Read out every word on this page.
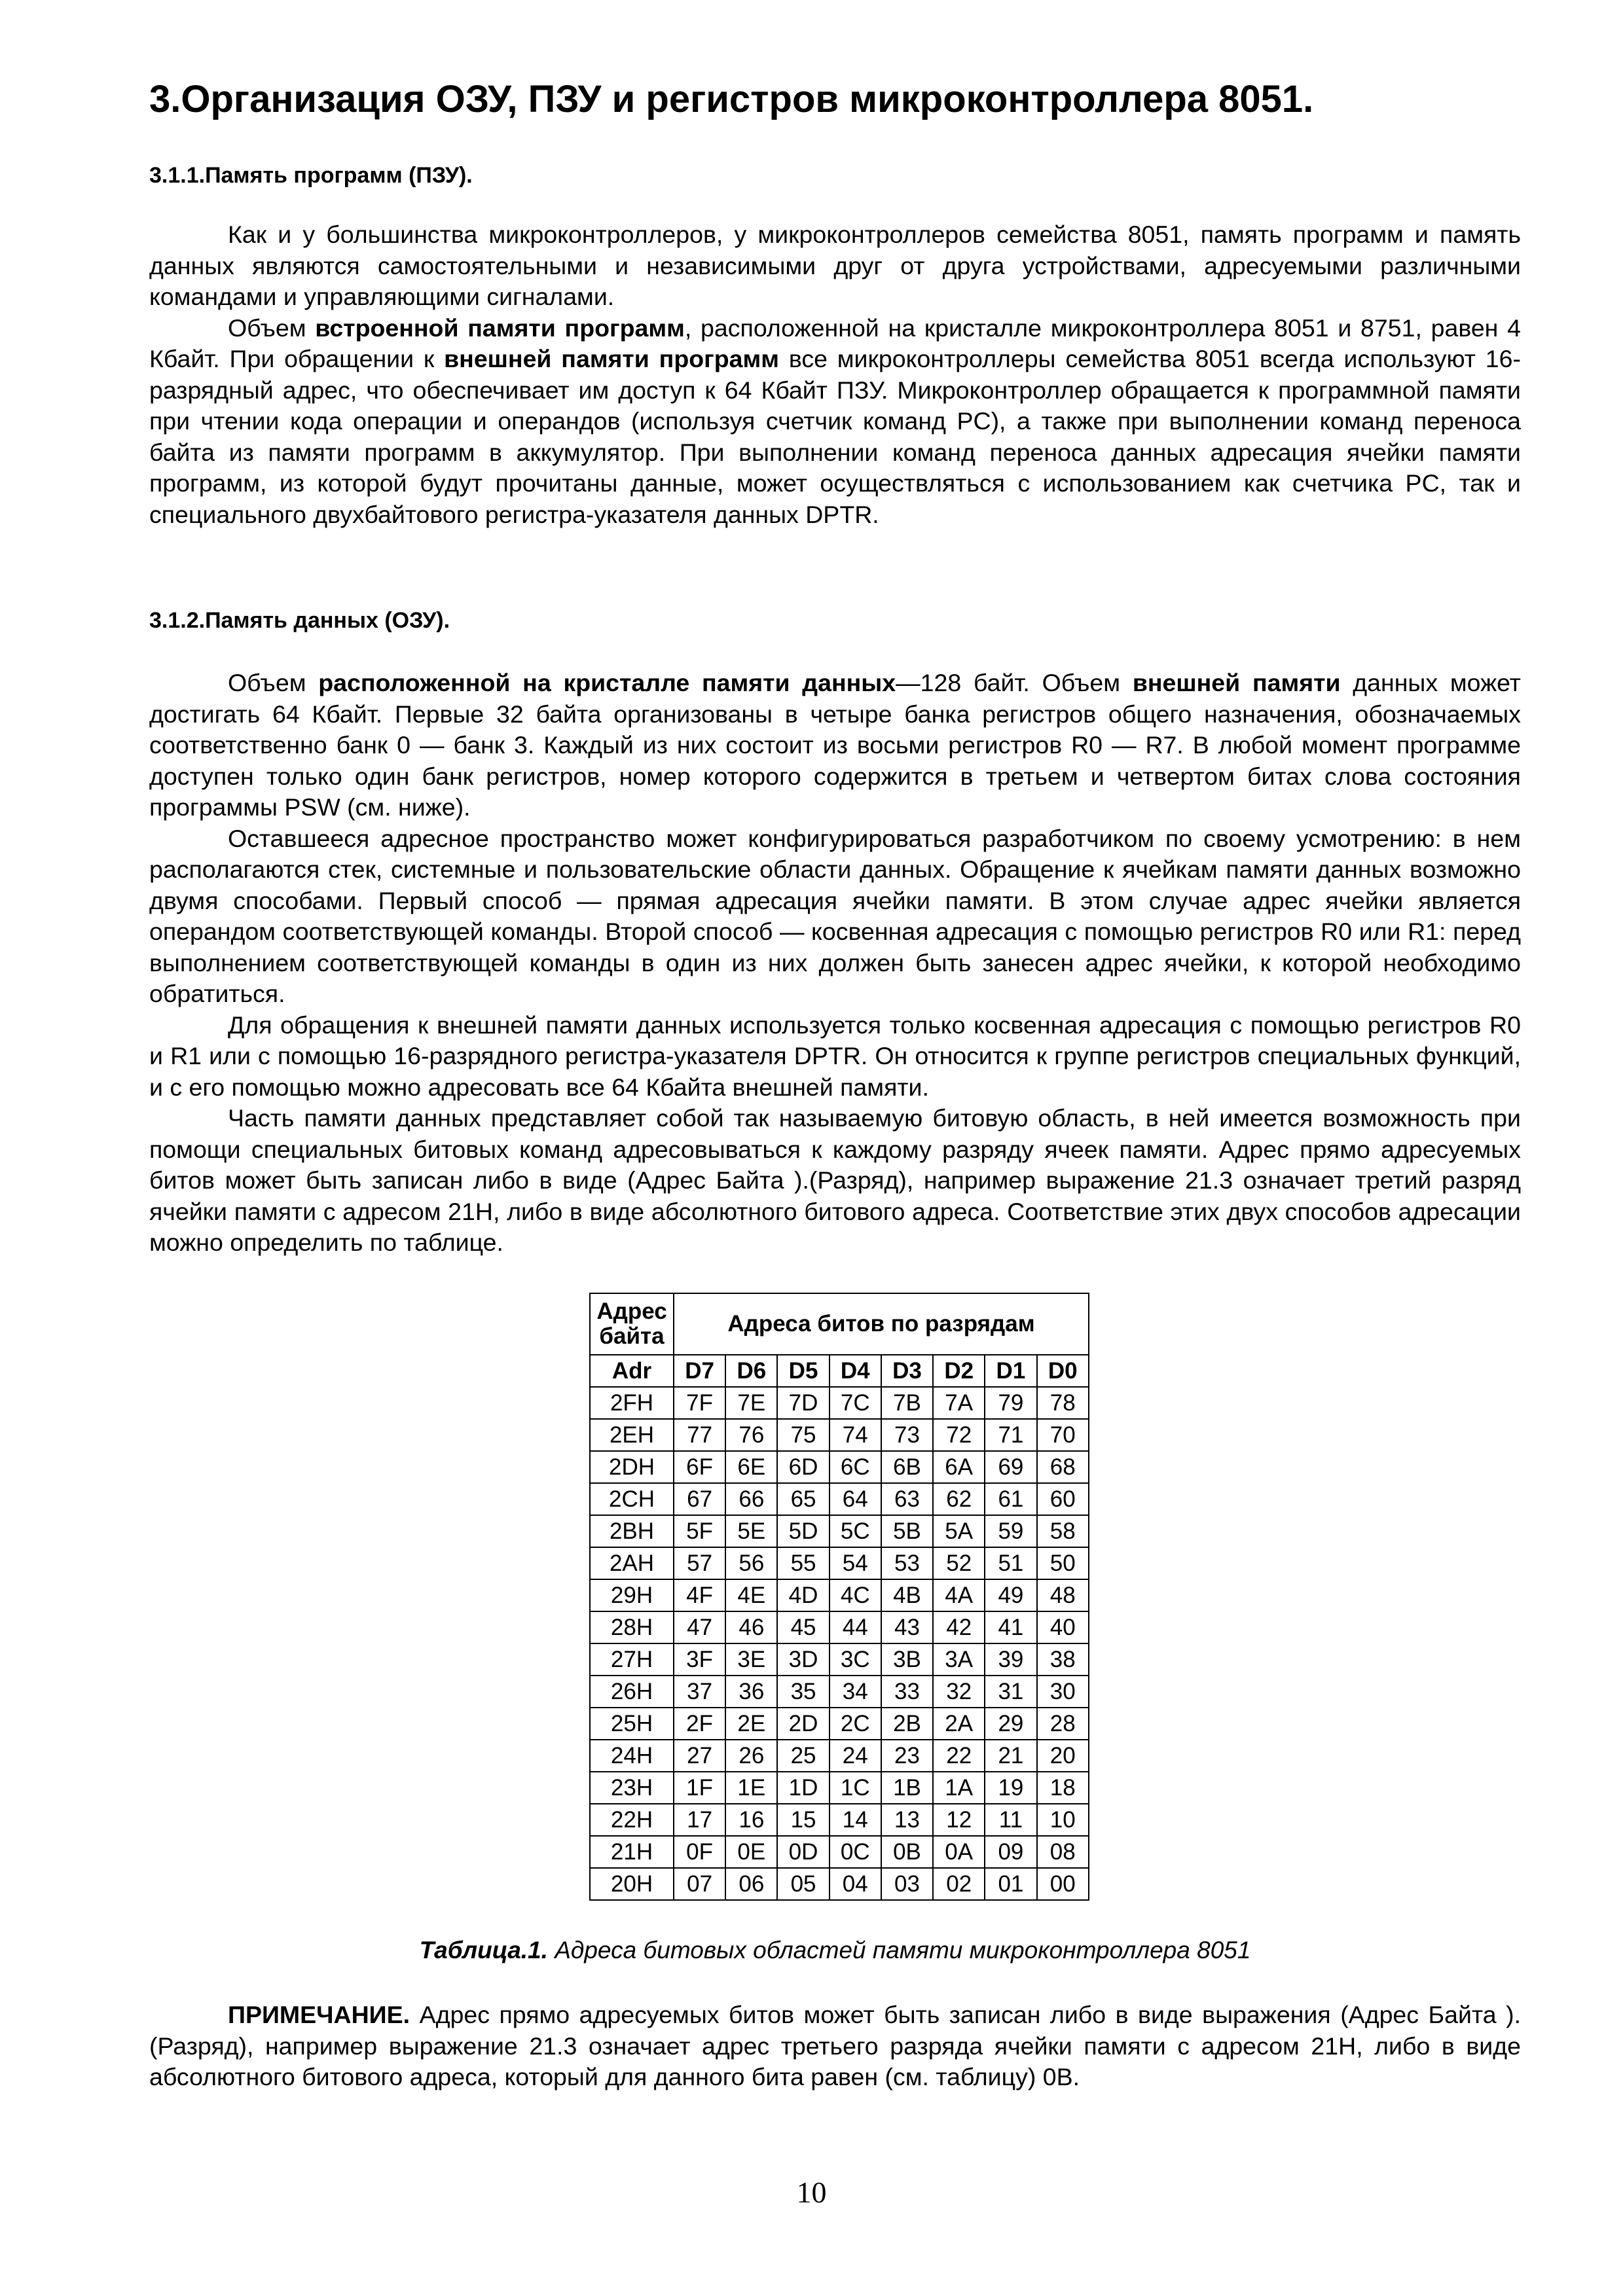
3.Организация ОЗУ, ПЗУ и регистров микроконтроллера 8051.
3.1.1.Память программ (ПЗУ).

Как и у большинства микроконтроллеров, у микроконтроллеров семейства 8051, память программ и память данных являются самостоятельными и независимыми друг от друга устройствами, адресуемыми различными командами и управляющими сигналами.

Объем встроенной памяти программ, расположенной на кристалле микроконтроллера 8051 и 8751, равен 4 Кбайт. При обращении к внешней памяти программ все микроконтроллеры семейства 8051 всегда используют 16-разрядный адрес, что обеспечивает им доступ к 64 Кбайт ПЗУ. Микроконтроллер обращается к программной памяти при чтении кода операции и операндов (используя счетчик команд PC), а также при выполнении команд переноса байта из памяти программ в аккумулятор. При выполнении команд переноса данных адресация ячейки памяти программ, из которой будут прочитаны данные, может осуществляться с использованием как счетчика PC, так и специального двухбайтового регистра-указателя данных DPTR.

3.1.2.Память данных (ОЗУ).

Объем расположенной на кристалле памяти данных—128 байт. Объем внешней памяти данных может достигать 64 Кбайт. Первые 32 байта организованы в четыре банка регистров общего назначения, обозначаемых соответственно банк 0 — банк 3. Каждый из них состоит из восьми регистров R0 — R7. В любой момент программе доступен только один банк регистров, номер которого содержится в третьем и четвертом битах слова состояния программы PSW (см. ниже).

Оставшееся адресное пространство может конфигурироваться разработчиком по своему усмотрению: в нем располагаются стек, системные и пользовательские области данных. Обращение к ячейкам памяти данных возможно двумя способами. Первый способ — прямая адресация ячейки памяти. В этом случае адрес ячейки является операндом соответствующей команды. Второй способ — косвенная адресация с помощью регистров R0 или R1: перед выполнением соответствующей команды в один из них должен быть занесен адрес ячейки, к которой необходимо обратиться.

Для обращения к внешней памяти данных используется только косвенная адресация с помощью регистров R0 и R1 или с помощью 16-разрядного регистра-указателя DPTR. Он относится к группе регистров специальных функций, и с его помощью можно адресовать все 64 Кбайта внешней памяти.

Часть памяти данных представляет собой так называемую битовую область, в ней имеется возможность при помощи специальных битовых команд адресовываться к каждому разряду ячеек памяти. Адрес прямо адресуемых битов может быть записан либо в виде (Адрес Байта ).(Разряд), например выражение 21.3 означает третий разряд ячейки памяти с адресом 21Н, либо в виде абсолютного битового адреса. Соответствие этих двух способов адресации можно определить по таблице.

Адрес
байта	Адреса битов по разрядам							
Adr	D7	D6	D5	D4	D3	D2	D1	D0
2FH	7F	7E	7D	7C	7B	7A	79	78
2EH	77	76	75	74	73	72	71	70
2DH	6F	6E	6D	6C	6B	6A	69	68
2CH	67	66	65	64	63	62	61	60
2BH	5F	5E	5D	5C	5B	5A	59	58
2AH	57	56	55	54	53	52	51	50
29H	4F	4E	4D	4C	4B	4A	49	48
28H	47	46	45	44	43	42	41	40
27H	3F	3E	3D	3C	3B	3A	39	38
26H	37	36	35	34	33	32	31	30
25H	2F	2E	2D	2C	2B	2A	29	28
24H	27	26	25	24	23	22	21	20
23H	1F	1E	1D	1C	1B	1A	19	18
22H	17	16	15	14	13	12	11	10
21H	0F	0E	0D	0C	0B	0A	09	08
20H	07	06	05	04	03	02	01	00
Таблица.1. Адреса битовых областей памяти микроконтроллера 8051

ПРИМЕЧАНИЕ. Адрес прямо адресуемых битов может быть записан либо в виде выражения (Адрес Байта ).(Разряд), например выражение 21.3 означает адрес третьего разряда ячейки памяти с адресом 21Н, либо в виде абсолютного битового адреса, который для данного бита равен (см. таблицу) 0В.

10
